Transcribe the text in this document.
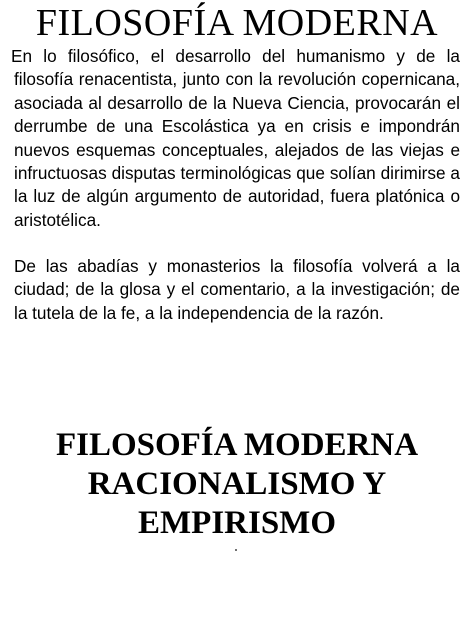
FILOSOFÍA MODERNA

En lo filosófico, el desarrollo del humanismo y de la filosofía renacentista, junto con la revolución copernicana, asociada al desarrollo de la Nueva Ciencia, provocarán el derrumbe de una Escolástica ya en crisis e impondrán nuevos esquemas conceptuales, alejados de las viejas e infructuosas disputas terminológicas que solían dirimirse a la luz de algún argumento de autoridad, fuera platónica o aristotélica.

De las abadías y monasterios la filosofía volverá a la ciudad; de la glosa y el comentario, a la investigación; de la tutela de la fe, a la independencia de la razón.

FILOSOFÍA MODERNA
RACIONALISMO Y
EMPIRISMO
